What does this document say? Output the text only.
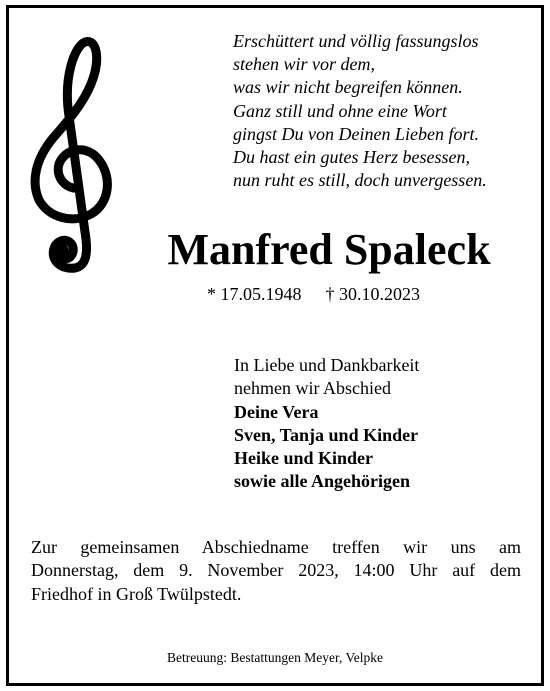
Erschüttert und völlig fassungslos
stehen wir vor dem,
was wir nicht begreifen können.
Ganz still und ohne eine Wort
gingst Du von Deinen Lieben fort.
Du hast ein gutes Herz besessen,
nun ruht es still, doch unvergessen.
Manfred Spaleck
* 17.05.1948 † 30.10.2023
In Liebe und Dankbarkeit
nehmen wir Abschied
Deine Vera
Sven, Tanja und Kinder
Heike und Kinder
sowie alle Angehörigen
Zur gemeinsamen Abschiedname treffen wir uns am
Donnerstag, dem 9. November 2023, 14:00 Uhr auf dem
Friedhof in Groß Twülpstedt.
Betreuung: Bestattungen Meyer, Velpke
